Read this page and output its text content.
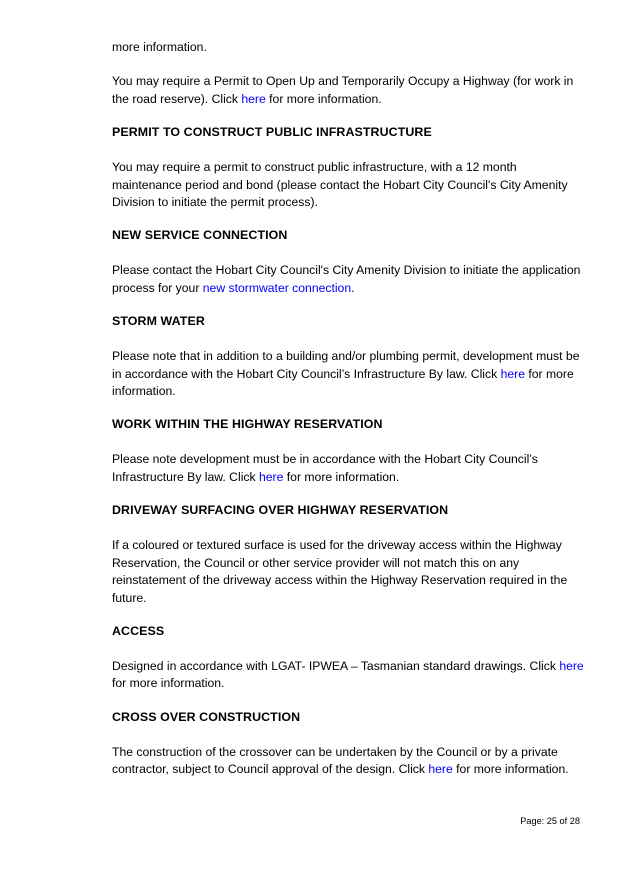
more information.

You may require a Permit to Open Up and Temporarily Occupy a Highway (for work in the road reserve). Click here for more information.

PERMIT TO CONSTRUCT PUBLIC INFRASTRUCTURE

You may require a permit to construct public infrastructure, with a 12 month maintenance period and bond (please contact the Hobart City Council's City Amenity Division to initiate the permit process).

NEW SERVICE CONNECTION

Please contact the Hobart City Council's City Amenity Division to initiate the application process for your new stormwater connection.

STORM WATER

Please note that in addition to a building and/or plumbing permit, development must be in accordance with the Hobart City Council’s Infrastructure By law. Click here for more information.

WORK WITHIN THE HIGHWAY RESERVATION

Please note development must be in accordance with the Hobart City Council’s Infrastructure By law. Click here for more information.

DRIVEWAY SURFACING OVER HIGHWAY RESERVATION

If a coloured or textured surface is used for the driveway access within the Highway Reservation, the Council or other service provider will not match this on any reinstatement of the driveway access within the Highway Reservation required in the future.

ACCESS

Designed in accordance with LGAT- IPWEA – Tasmanian standard drawings. Click here for more information.

CROSS OVER CONSTRUCTION

The construction of the crossover can be undertaken by the Council or by a private contractor, subject to Council approval of the design. Click here for more information.

Page: 25 of 28
